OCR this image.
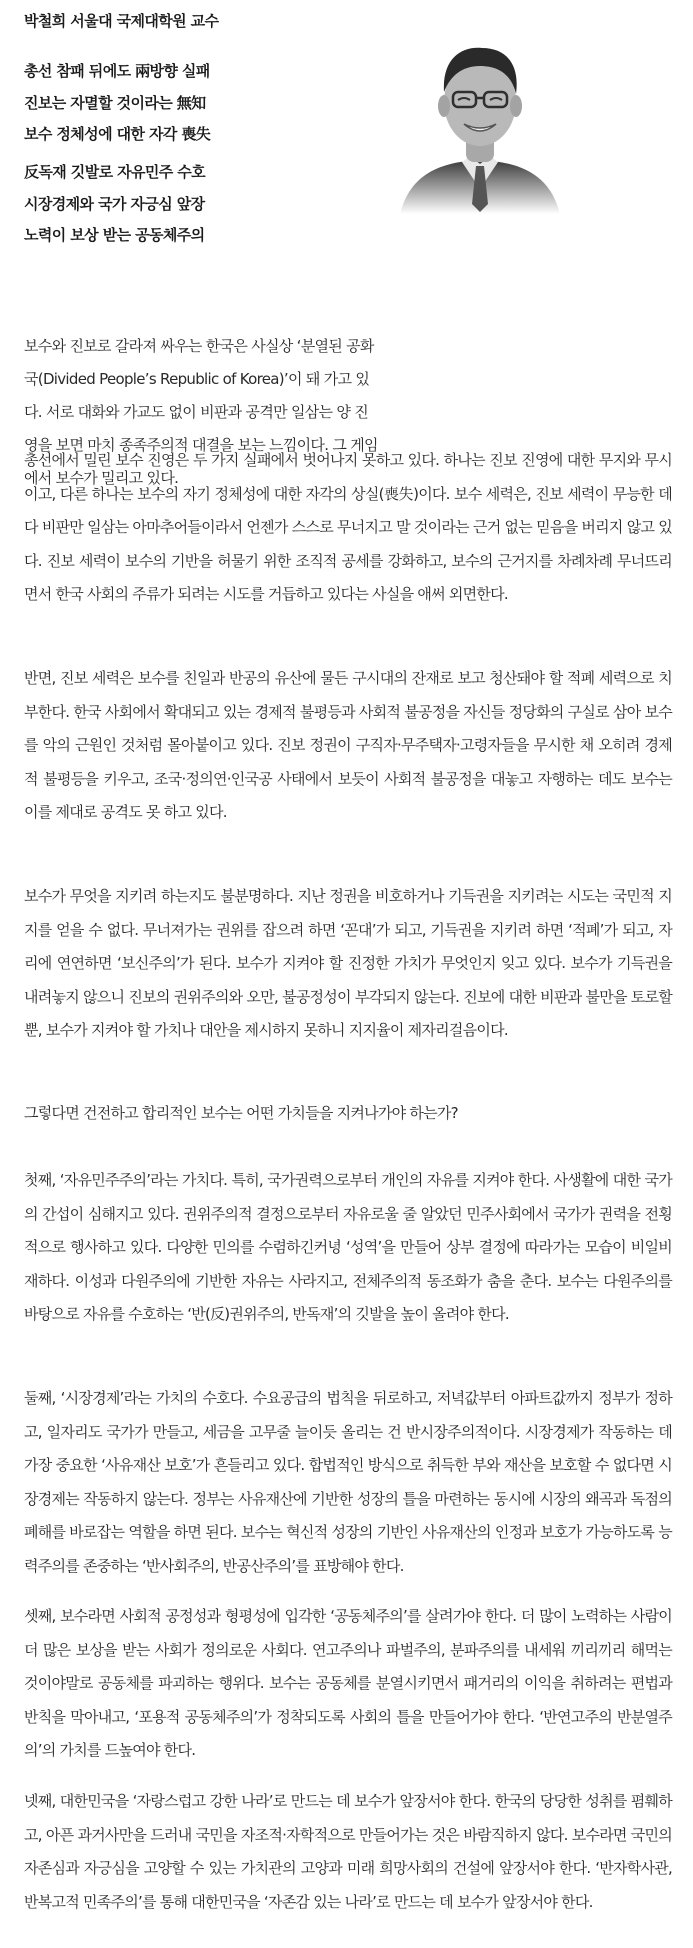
박철희 서울대 국제대학원 교수
총선 참패 뒤에도 兩방향 실패
진보는 자멸할 것이라는 無知
보수 정체성에 대한 자각 喪失
反독재 깃발로 자유민주 수호
시장경제와 국가 자긍심 앞장
노력이 보상 받는 공동체주의
보수와 진보로 갈라져 싸우는 한국은 사실상 ‘분열된 공화국(Divided People’s Republic of Korea)’이 돼 가고 있다. 서로 대화와 가교도 없이 비판과 공격만 일삼는 양 진영을 보면 마치 종족주의적 대결을 보는 느낌이다. 그 게임에서 보수가 밀리고 있다.
총선에서 밀린 보수 진영은 두 가지 실패에서 벗어나지 못하고 있다. 하나는 진보 진영에 대한 무지와 무시이고, 다른 하나는 보수의 자기 정체성에 대한 자각의 상실(喪失)이다. 보수 세력은, 진보 세력이 무능한 데다 비판만 일삼는 아마추어들이라서 언젠가 스스로 무너지고 말 것이라는 근거 없는 믿음을 버리지 않고 있다. 진보 세력이 보수의 기반을 허물기 위한 조직적 공세를 강화하고, 보수의 근거지를 차례차례 무너뜨리면서 한국 사회의 주류가 되려는 시도를 거듭하고 있다는 사실을 애써 외면한다.
반면, 진보 세력은 보수를 친일과 반공의 유산에 물든 구시대의 잔재로 보고 청산돼야 할 적폐 세력으로 치부한다. 한국 사회에서 확대되고 있는 경제적 불평등과 사회적 불공정을 자신들 정당화의 구실로 삼아 보수를 악의 근원인 것처럼 몰아붙이고 있다. 진보 정권이 구직자·무주택자·고령자들을 무시한 채 오히려 경제적 불평등을 키우고, 조국·정의연·인국공 사태에서 보듯이 사회적 불공정을 대놓고 자행하는 데도 보수는 이를 제대로 공격도 못 하고 있다.
보수가 무엇을 지키려 하는지도 불분명하다. 지난 정권을 비호하거나 기득권을 지키려는 시도는 국민적 지지를 얻을 수 없다. 무너져가는 권위를 잡으려 하면 ‘꼰대’가 되고, 기득권을 지키려 하면 ‘적폐’가 되고, 자리에 연연하면 ‘보신주의’가 된다. 보수가 지켜야 할 진정한 가치가 무엇인지 잊고 있다. 보수가 기득권을 내려놓지 않으니 진보의 권위주의와 오만, 불공정성이 부각되지 않는다. 진보에 대한 비판과 불만을 토로할 뿐, 보수가 지켜야 할 가치나 대안을 제시하지 못하니 지지율이 제자리걸음이다.
그렇다면 건전하고 합리적인 보수는 어떤 가치들을 지켜나가야 하는가?
첫째, ‘자유민주주의’라는 가치다. 특히, 국가권력으로부터 개인의 자유를 지켜야 한다. 사생활에 대한 국가의 간섭이 심해지고 있다. 권위주의적 결정으로부터 자유로울 줄 알았던 민주사회에서 국가가 권력을 전횡적으로 행사하고 있다. 다양한 민의를 수렴하긴커녕 ‘성역’을 만들어 상부 결정에 따라가는 모습이 비일비재하다. 이성과 다원주의에 기반한 자유는 사라지고, 전체주의적 동조화가 춤을 춘다. 보수는 다원주의를 바탕으로 자유를 수호하는 ‘반(反)권위주의, 반독재’의 깃발을 높이 올려야 한다.
둘째, ‘시장경제’라는 가치의 수호다. 수요공급의 법칙을 뒤로하고, 저녁값부터 아파트값까지 정부가 정하고, 일자리도 국가가 만들고, 세금을 고무줄 늘이듯 올리는 건 반시장주의적이다. 시장경제가 작동하는 데 가장 중요한 ‘사유재산 보호’가 흔들리고 있다. 합법적인 방식으로 취득한 부와 재산을 보호할 수 없다면 시장경제는 작동하지 않는다. 정부는 사유재산에 기반한 성장의 틀을 마련하는 동시에 시장의 왜곡과 독점의 폐해를 바로잡는 역할을 하면 된다. 보수는 혁신적 성장의 기반인 사유재산의 인정과 보호가 가능하도록 능력주의를 존중하는 ‘반사회주의, 반공산주의’를 표방해야 한다.
셋째, 보수라면 사회적 공정성과 형평성에 입각한 ‘공동체주의’를 살려가야 한다. 더 많이 노력하는 사람이 더 많은 보상을 받는 사회가 정의로운 사회다. 연고주의나 파벌주의, 분파주의를 내세워 끼리끼리 해먹는 것이야말로 공동체를 파괴하는 행위다. 보수는 공동체를 분열시키면서 패거리의 이익을 취하려는 편법과 반칙을 막아내고, ‘포용적 공동체주의’가 정착되도록 사회의 틀을 만들어가야 한다. ‘반연고주의 반분열주의’의 가치를 드높여야 한다.
넷째, 대한민국을 ‘자랑스럽고 강한 나라’로 만드는 데 보수가 앞장서야 한다. 한국의 당당한 성취를 폄훼하고, 아픈 과거사만을 드러내 국민을 자조적·자학적으로 만들어가는 것은 바람직하지 않다. 보수라면 국민의 자존심과 자긍심을 고양할 수 있는 가치관의 고양과 미래 희망사회의 건설에 앞장서야 한다. ‘반자학사관, 반복고적 민족주의’를 통해 대한민국을 ‘자존감 있는 나라’로 만드는 데 보수가 앞장서야 한다.
